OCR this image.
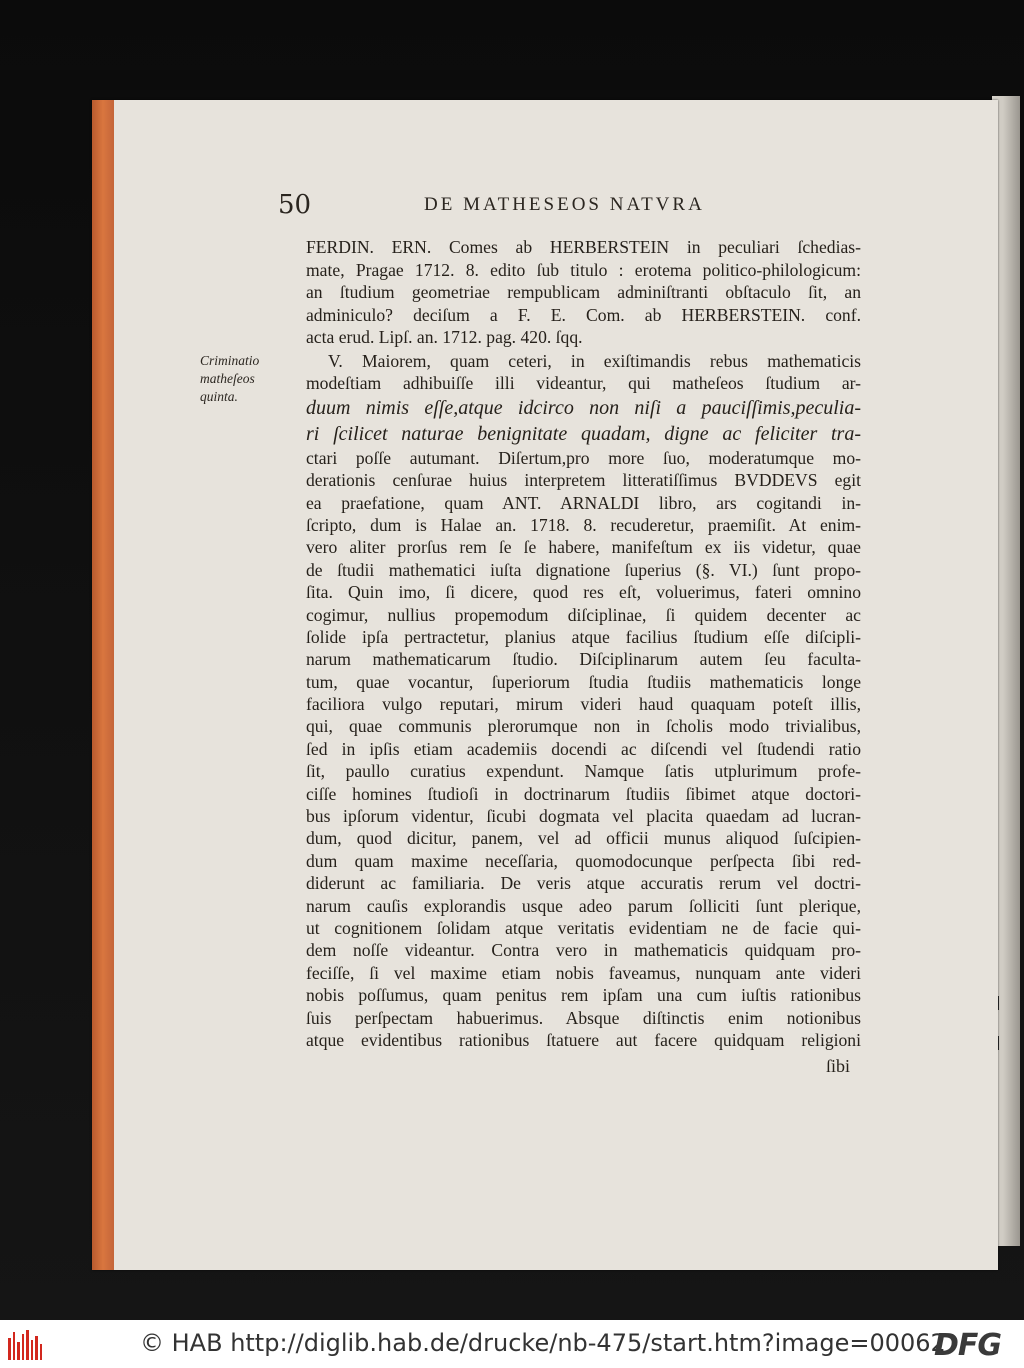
50	DE MATHESEOS NATVRA
FERDIN. ERN. Comes ab HERBERSTEIN in peculiari ſchedias-
mate, Pragae 1712. 8. edito ſub titulo : erotema politico-philologicum:
an ſtudium geometriae rempublicam adminiſtranti obſtaculo ſit, an
adminiculo? deciſum a F. E. Com. ab HERBERSTEIN. conf.
acta erud. Lipſ. an. 1712. pag. 420. ſqq.
Criminatio
matheſeos
quinta.
V. Maiorem, quam ceteri, in exiſtimandis rebus mathematicis
modeſtiam adhibuiſſe illi videantur, qui matheſeos ſtudium ar-
duum nimis eſſe,atque idcirco non niſi a pauciſſimis,peculia-
ri ſcilicet naturae benignitate quadam, digne ac feliciter tra-
ctari poſſe autumant. Diſertum,pro more ſuo, moderatumque mo-
derationis cenſurae huius interpretem litteratiſſimus BVDDEVS egit
ea praefatione, quam ANT. ARNALDI libro, ars cogitandi in-
ſcripto, dum is Halae an. 1718. 8. recuderetur, praemiſit. At enim-
vero aliter prorſus rem ſe ſe habere, manifeſtum ex iis videtur, quae
de ſtudii mathematici iuſta dignatione ſuperius (§. VI.) ſunt propo-
ſita. Quin imo, ſi dicere, quod res eſt, voluerimus, fateri omnino
cogimur, nullius propemodum diſciplinae, ſi quidem decenter ac
ſolide ipſa pertractetur, planius atque facilius ſtudium eſſe diſcipli-
narum mathematicarum ſtudio. Diſciplinarum autem ſeu faculta-
tum, quae vocantur, ſuperiorum ſtudia ſtudiis mathematicis longe
faciliora vulgo reputari, mirum videri haud quaquam poteſt illis,
qui, quae communis plerorumque non in ſcholis modo trivialibus,
ſed in ipſis etiam academiis docendi ac diſcendi vel ſtudendi ratio
ſit, paullo curatius expendunt. Namque ſatis utplurimum profe-
ciſſe homines ſtudioſi in doctrinarum ſtudiis ſibimet atque doctori-
bus ipſorum videntur, ſicubi dogmata vel placita quaedam ad lucran-
dum, quod dicitur, panem, vel ad officii munus aliquod ſuſcipien-
dum quam maxime neceſſaria, quomodocunque perſpecta ſibi red-
diderunt ac familiaria. De veris atque accuratis rerum vel doctri-
narum cauſis explorandis usque adeo parum ſolliciti ſunt plerique,
ut cognitionem ſolidam atque veritatis evidentiam ne de facie qui-
dem noſſe videantur. Contra vero in mathematicis quidquam pro-
feciſſe, ſi vel maxime etiam nobis faveamus, nunquam ante videri
nobis poſſumus, quam penitus rem ipſam una cum iuſtis rationibus
ſuis perſpectam habuerimus. Absque diſtinctis enim notionibus
atque evidentibus rationibus ſtatuere aut facere quidquam religioni
ſibi
© HAB http://diglib.hab.de/drucke/nb-475/start.htm?image=00062
DFG
